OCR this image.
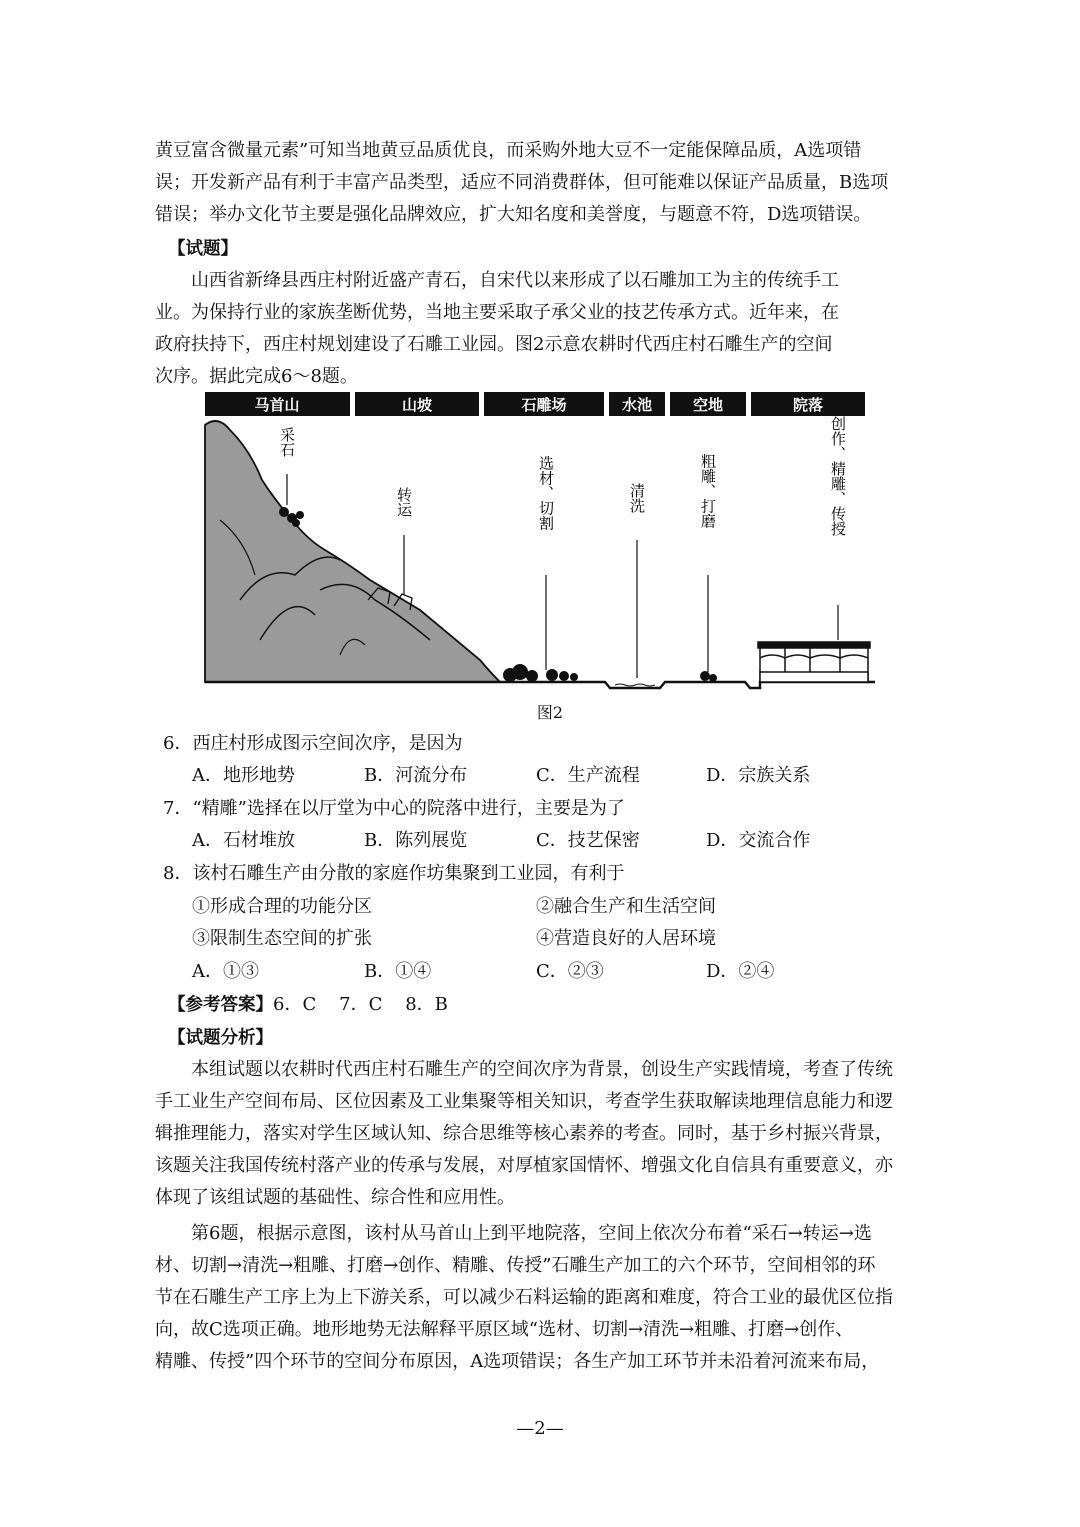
黄豆富含微量元素”可知当地黄豆品质优良，而采购外地大豆不一定能保障品质，A选项错
误；开发新产品有利于丰富产品类型，适应不同消费群体，但可能难以保证产品质量，B选项
错误；举办文化节主要是强化品牌效应，扩大知名度和美誉度，与题意不符，D选项错误。
【试题】
山西省新绛县西庄村附近盛产青石，自宋代以来形成了以石雕加工为主的传统手工
业。为保持行业的家族垄断优势，当地主要采取子承父业的技艺传承方式。近年来，在
政府扶持下，西庄村规划建设了石雕工业园。图2示意农耕时代西庄村石雕生产的空间
次序。据此完成6～8题。
马首山	山坡	石雕场	水池	空地	院落
采石
转运	选材、切割	清洗	粗雕、打磨	创作、精雕、传授
图2
6．西庄村形成图示空间次序，是因为
A．地形地势	B．河流分布	C．生产流程	D．宗族关系
7．“精雕”选择在以厅堂为中心的院落中进行，主要是为了
A．石材堆放	B．陈列展览	C．技艺保密	D．交流合作
8．该村石雕生产由分散的家庭作坊集聚到工业园，有利于
①形成合理的功能分区	②融合生产和生活空间
③限制生态空间的扩张	④营造良好的人居环境
A．①③	B．①④	C．②③	D．②④
【参考答案】6．C    7．C    8．B
【试题分析】
本组试题以农耕时代西庄村石雕生产的空间次序为背景，创设生产实践情境，考查了传统
手工业生产空间布局、区位因素及工业集聚等相关知识，考查学生获取解读地理信息能力和逻
辑推理能力，落实对学生区域认知、综合思维等核心素养的考查。同时，基于乡村振兴背景，
该题关注我国传统村落产业的传承与发展，对厚植家国情怀、增强文化自信具有重要意义，亦
体现了该组试题的基础性、综合性和应用性。
第6题，根据示意图，该村从马首山上到平地院落，空间上依次分布着“采石→转运→选
材、切割→清洗→粗雕、打磨→创作、精雕、传授”石雕生产加工的六个环节，空间相邻的环
节在石雕生产工序上为上下游关系，可以减少石料运输的距离和难度，符合工业的最优区位指
向，故C选项正确。地形地势无法解释平原区域“选材、切割→清洗→粗雕、打磨→创作、
精雕、传授”四个环节的空间分布原因，A选项错误；各生产加工环节并未沿着河流来布局，
—2—
